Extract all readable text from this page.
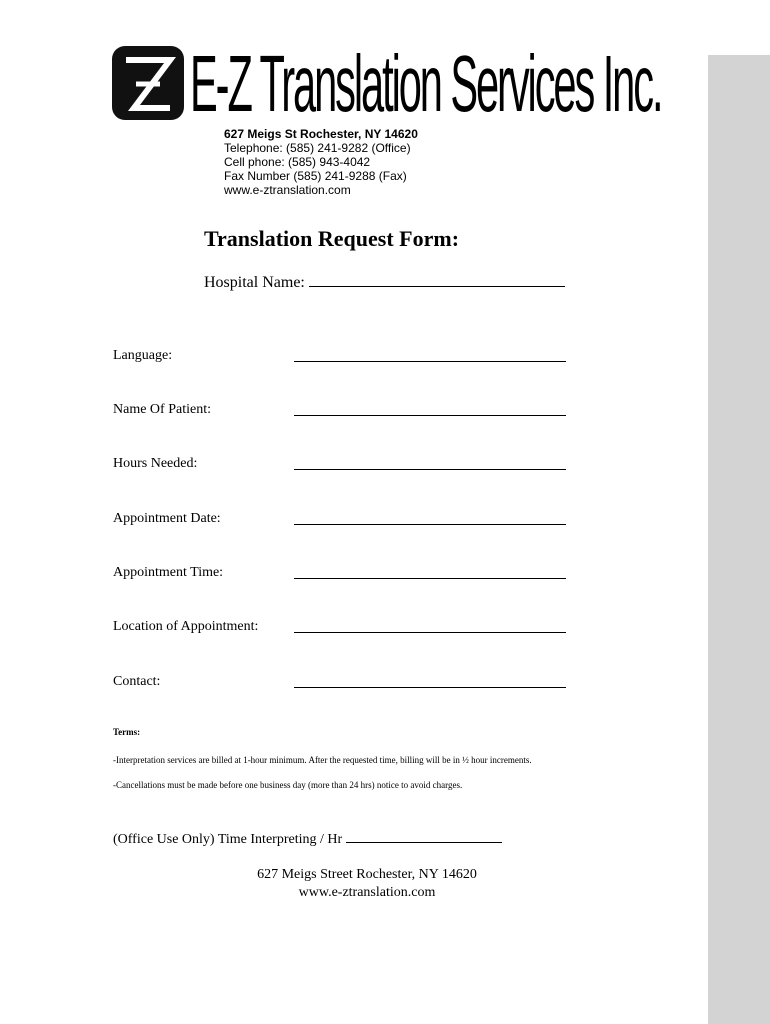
E-Z Translation Services Inc.
627 Meigs St Rochester, NY 14620
Telephone: (585) 241-9282 (Office)
Cell phone: (585) 943-4042
Fax Number (585) 241-9288 (Fax)
www.e-ztranslation.com
Translation Request Form:
Hospital Name:
Language:
Name Of Patient:
Hours Needed:
Appointment Date:
Appointment Time:
Location of Appointment:
Contact:
Terms:
-Interpretation services are billed at 1-hour minimum. After the requested time, billing will be in ½ hour increments.
-Cancellations must be made before one business day (more than 24 hrs) notice to avoid charges.
(Office Use Only) Time Interpreting / Hr
627 Meigs Street Rochester, NY 14620
www.e-ztranslation.com
